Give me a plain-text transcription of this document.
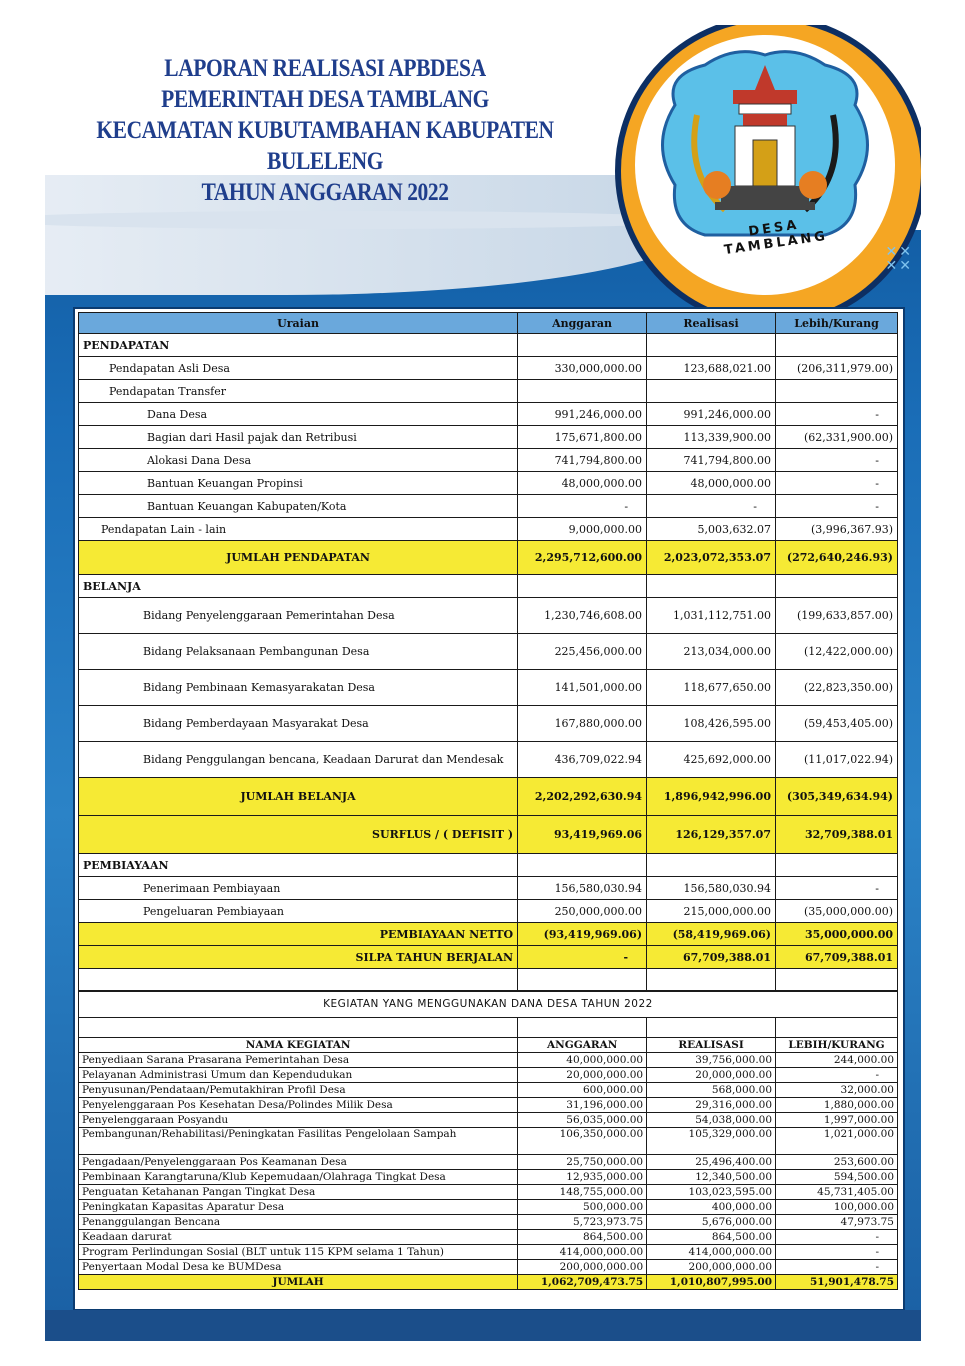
LAPORAN REALISASI APBDESA
PEMERINTAH DESA TAMBLANG
KECAMATAN KUBUTAMBAHAN KABUPATEN BULELENG
TAHUN ANGGARAN 2022
DESA TAMBLANG	✕✕
✕✕
Uraian	Anggaran	Realisasi	Lebih/Kurang
PENDAPATAN			
Pendapatan Asli Desa	330,000,000.00	123,688,021.00	(206,311,979.00)
Pendapatan Transfer			
Dana Desa	991,246,000.00	991,246,000.00	-
Bagian dari Hasil pajak dan Retribusi	175,671,800.00	113,339,900.00	(62,331,900.00)
Alokasi Dana Desa	741,794,800.00	741,794,800.00	-
Bantuan Keuangan Propinsi	48,000,000.00	48,000,000.00	-
Bantuan Keuangan Kabupaten/Kota	-	-	-
Pendapatan Lain - lain	9,000,000.00	5,003,632.07	(3,996,367.93)
JUMLAH PENDAPATAN	2,295,712,600.00	2,023,072,353.07	(272,640,246.93)
BELANJA			
Bidang Penyelenggaraan Pemerintahan Desa	1,230,746,608.00	1,031,112,751.00	(199,633,857.00)
Bidang Pelaksanaan Pembangunan Desa	225,456,000.00	213,034,000.00	(12,422,000.00)
Bidang Pembinaan Kemasyarakatan Desa	141,501,000.00	118,677,650.00	(22,823,350.00)
Bidang Pemberdayaan Masyarakat Desa	167,880,000.00	108,426,595.00	(59,453,405.00)
Bidang Penggulangan bencana, Keadaan Darurat dan Mendesak	436,709,022.94	425,692,000.00	(11,017,022.94)
JUMLAH BELANJA	2,202,292,630.94	1,896,942,996.00	(305,349,634.94)
SURFLUS / ( DEFISIT )	93,419,969.06	126,129,357.07	32,709,388.01
PEMBIAYAAN			
Penerimaan Pembiayaan	156,580,030.94	156,580,030.94	-
Pengeluaran Pembiayaan	250,000,000.00	215,000,000.00	(35,000,000.00)
PEMBIAYAAN NETTO	(93,419,969.06)	(58,419,969.06)	35,000,000.00
SILPA TAHUN BERJALAN	-	67,709,388.01	67,709,388.01

KEGIATAN YANG MENGGUNAKAN DANA DESA TAHUN 2022			

NAMA KEGIATAN	ANGGARAN	REALISASI	LEBIH/KURANG
Penyediaan Sarana Prasarana Pemerintahan Desa	40,000,000.00	39,756,000.00	244,000.00
Pelayanan Administrasi Umum dan Kependudukan	20,000,000.00	20,000,000.00	-
Penyusunan/Pendataan/Pemutakhiran Profil Desa	600,000.00	568,000.00	32,000.00
Penyelenggaraan Pos Kesehatan Desa/Polindes Milik Desa	31,196,000.00	29,316,000.00	1,880,000.00
Penyelenggaraan Posyandu	56,035,000.00	54,038,000.00	1,997,000.00
Pembangunan/Rehabilitasi/Peningkatan Fasilitas Pengelolaan Sampah	106,350,000.00	105,329,000.00	1,021,000.00
Pengadaan/Penyelenggaraan Pos Keamanan Desa	25,750,000.00	25,496,400.00	253,600.00
Pembinaan Karangtaruna/Klub Kepemudaan/Olahraga Tingkat Desa	12,935,000.00	12,340,500.00	594,500.00
Penguatan Ketahanan Pangan Tingkat Desa	148,755,000.00	103,023,595.00	45,731,405.00
Peningkatan Kapasitas Aparatur Desa	500,000.00	400,000.00	100,000.00
Penanggulangan Bencana	5,723,973.75	5,676,000.00	47,973.75
Keadaan darurat	864,500.00	864,500.00	-
Program Perlindungan Sosial (BLT untuk 115 KPM selama 1 Tahun)	414,000,000.00	414,000,000.00	-
Penyertaan Modal Desa ke BUMDesa	200,000,000.00	200,000,000.00	-
JUMLAH	1,062,709,473.75	1,010,807,995.00	51,901,478.75
